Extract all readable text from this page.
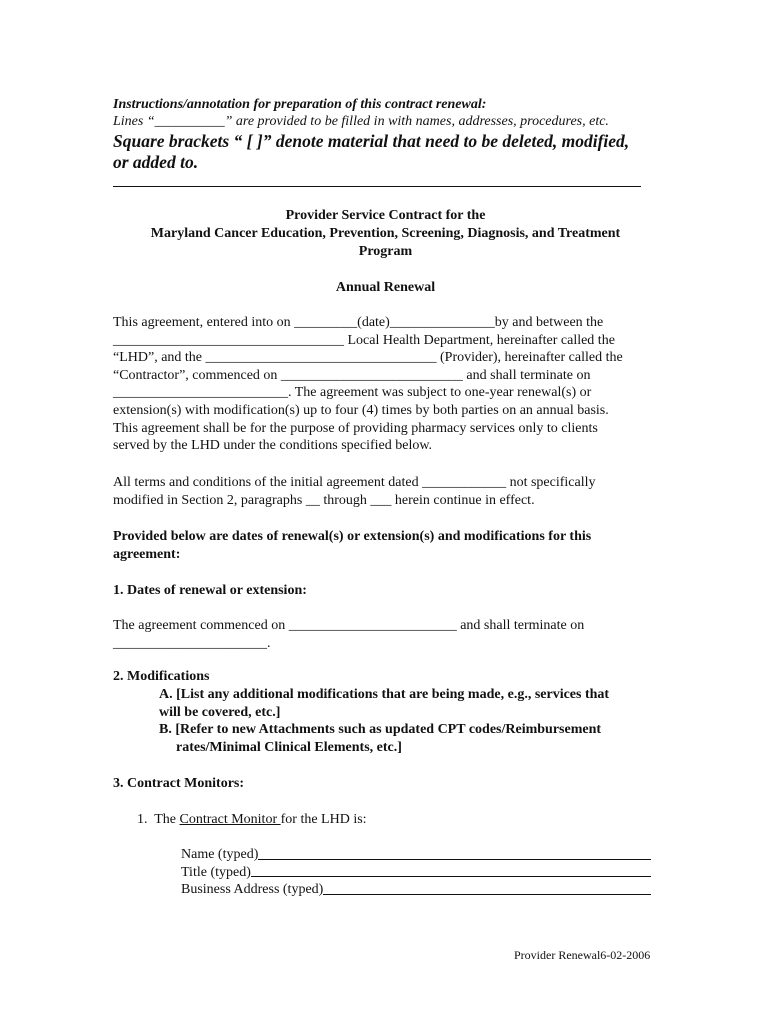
Instructions/annotation for preparation of this contract renewal:
Lines “__________” are provided to be filled in with names, addresses, procedures, etc.
Square brackets “ [ ]” denote material that need to be deleted, modified,
or added to.
Provider Service Contract for the
Maryland Cancer Education, Prevention, Screening, Diagnosis, and Treatment
Program
Annual Renewal
This agreement, entered into on _________(date)_______________by and between the
_________________________________ Local Health Department, hereinafter called the
“LHD”, and the _________________________________ (Provider), hereinafter called the
“Contractor”, commenced on __________________________ and shall terminate on
_________________________. The agreement was subject to one-year renewal(s) or
extension(s) with modification(s) up to four (4) times by both parties on an annual basis.
This agreement shall be for the purpose of providing pharmacy services only to clients
served by the LHD under the conditions specified below.
All terms and conditions of the initial agreement dated ____________ not specifically
modified in Section 2, paragraphs __ through ___ herein continue in effect.
Provided below are dates of renewal(s) or extension(s) and modifications for this
agreement:
1. Dates of renewal or extension:
The agreement commenced on ________________________ and shall terminate on
______________________.
2. Modifications
A. [List any additional modifications that are being made, e.g., services that
will be covered, etc.]
B. [Refer to new Attachments such as updated CPT codes/Reimbursement
rates/Minimal Clinical Elements, etc.]
3. Contract Monitors:
1.  The Contract Monitor for the LHD is:
Name (typed)
Title (typed)
Business Address (typed)
Provider Renewal6-02-2006
